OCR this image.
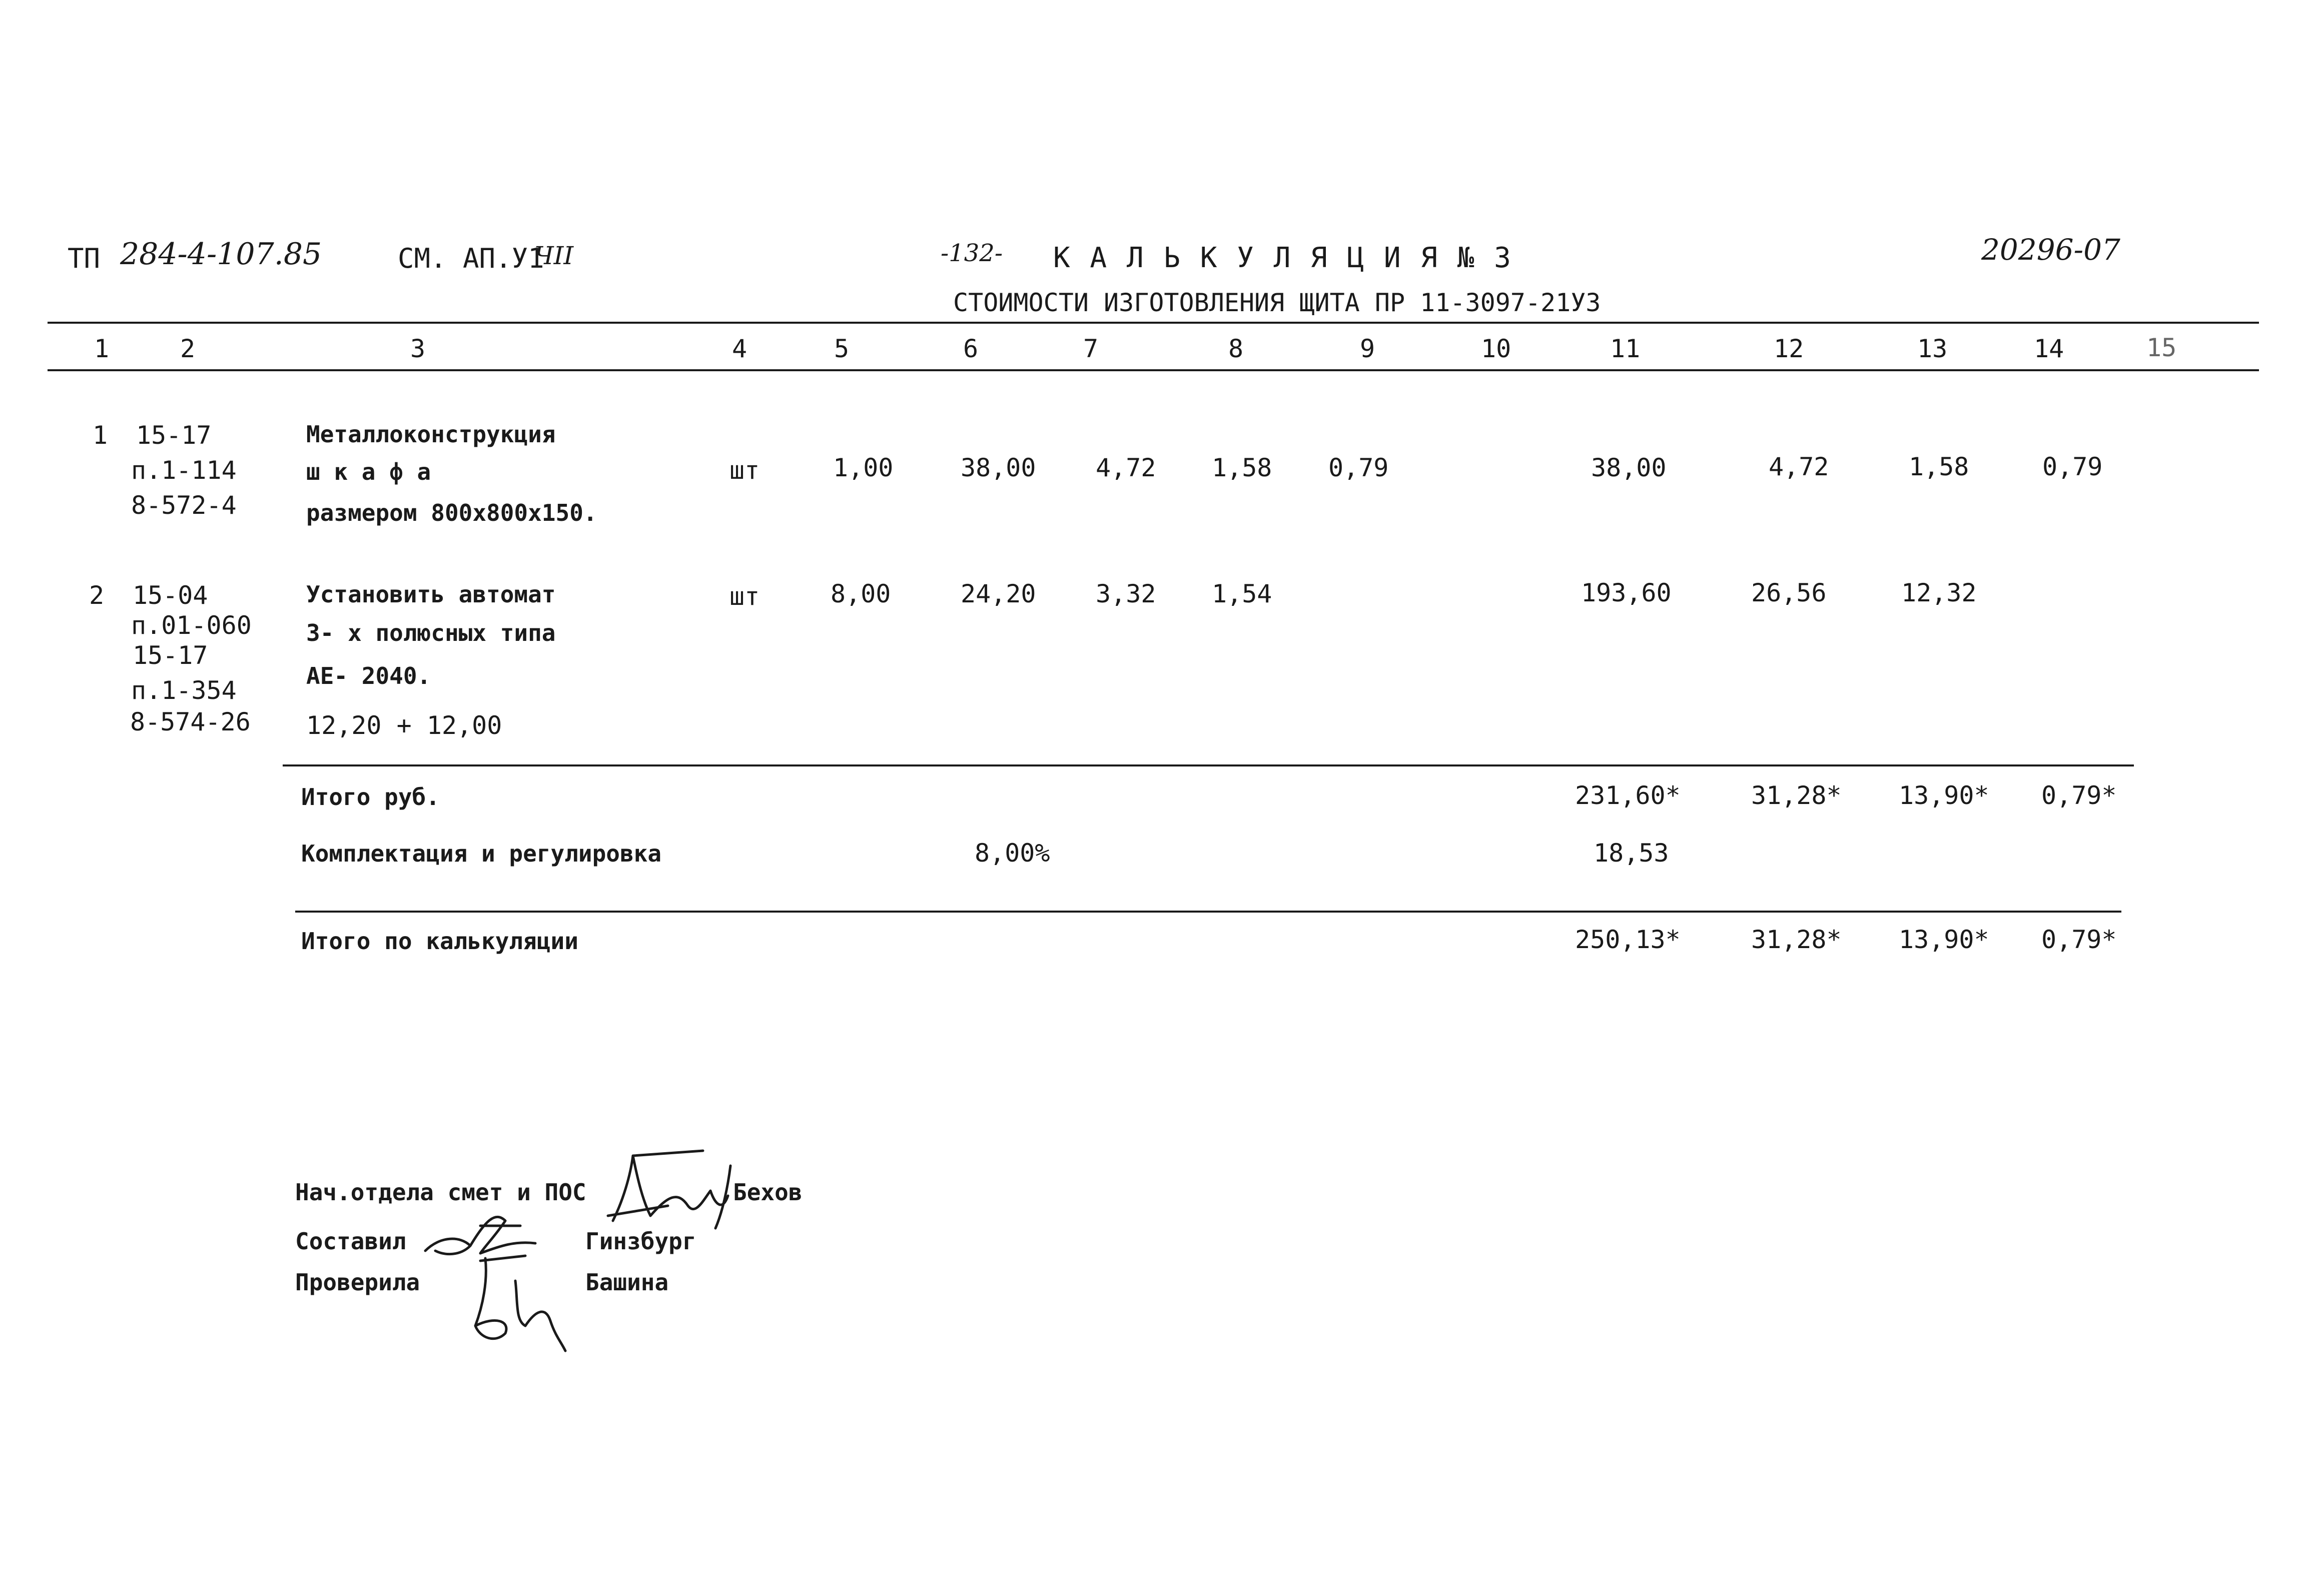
ТП 284-4-107.85	СМ. АП.У1
ЧII	-132- К А Л Ь К У Л Я Ц И Я № 3	20296-07
СТОИМОСТИ ИЗГОТОВЛЕНИЯ ЩИТА ПР 11-3097-21У3
1	2	3	4	5	6	7	8	9	10	11	12	13	14	15
1 15-17
п.1-114
8-572-4
Металлоконструкция
ш к а ф а
размером 800х800х150.
шт	1,00	38,00 4,72 1,58 0,79	38,00	4,72	1,58	0,79
2 15-04
п.01-060
15-17
п.1-354
8-574-26
Установить автомат
3- х полюсных типа
АЕ- 2040.
12,20 + 12,00
шт	8,00	24,20 3,32 1,54	193,60	26,56	12,32
Итого руб.	231,60*	31,28* 13,90* 0,79*
Комплектация и регулировка	8,00%	18,53
Итого по калькуляции	250,13*	31,28* 13,90* 0,79*
Нач.отдела смет и ПОС	Бехов
Составил	Гинзбург
Проверила	Башина
